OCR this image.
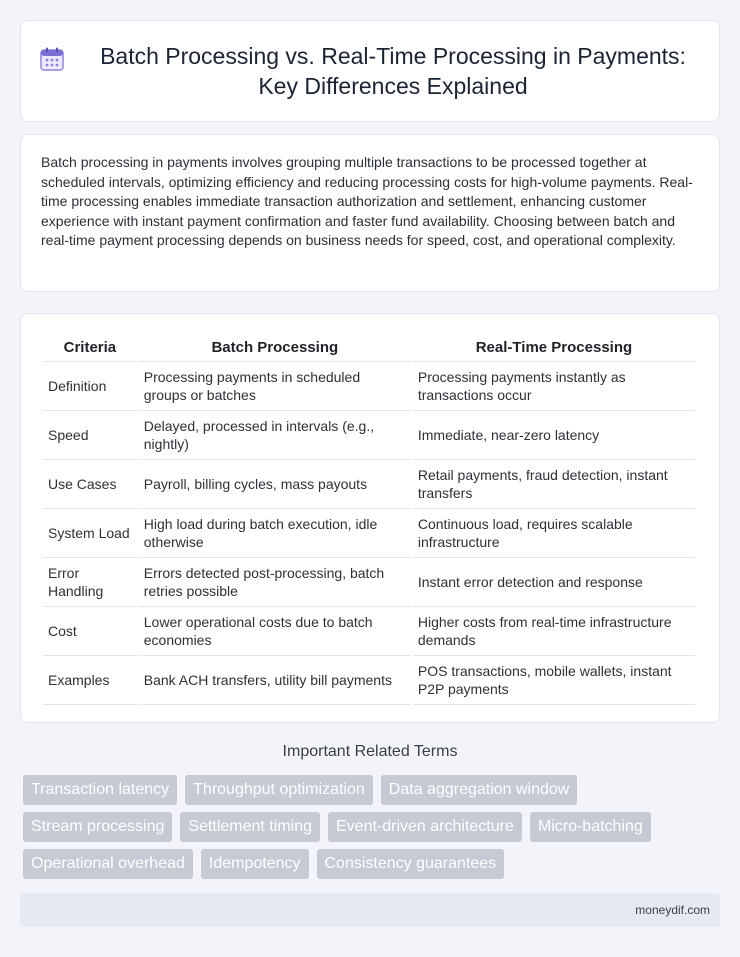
Batch Processing vs. Real-Time Processing in Payments: Key Differences Explained

Batch processing in payments involves grouping multiple transactions to be processed together at scheduled intervals, optimizing efficiency and reducing processing costs for high-volume payments. Real-time processing enables immediate transaction authorization and settlement, enhancing customer experience with instant payment confirmation and faster fund availability. Choosing between batch and real-time payment processing depends on business needs for speed, cost, and operational complexity.

Criteria	Batch Processing	Real-Time Processing
Definition	Processing payments in scheduled groups or batches	Processing payments instantly as transactions occur
Speed	Delayed, processed in intervals (e.g., nightly)	Immediate, near-zero latency
Use Cases	Payroll, billing cycles, mass payouts	Retail payments, fraud detection, instant transfers
System Load	High load during batch execution, idle otherwise	Continuous load, requires scalable infrastructure
Error Handling	Errors detected post-processing, batch retries possible	Instant error detection and response
Cost	Lower operational costs due to batch economies	Higher costs from real-time infrastructure demands
Examples	Bank ACH transfers, utility bill payments	POS transactions, mobile wallets, instant P2P payments
Important Related Terms
Transaction latency	Throughput optimization	Data aggregation window
Stream processing	Settlement timing	Event-driven architecture	Micro-batching
Operational overhead	Idempotency	Consistency guarantees
moneydif.com
